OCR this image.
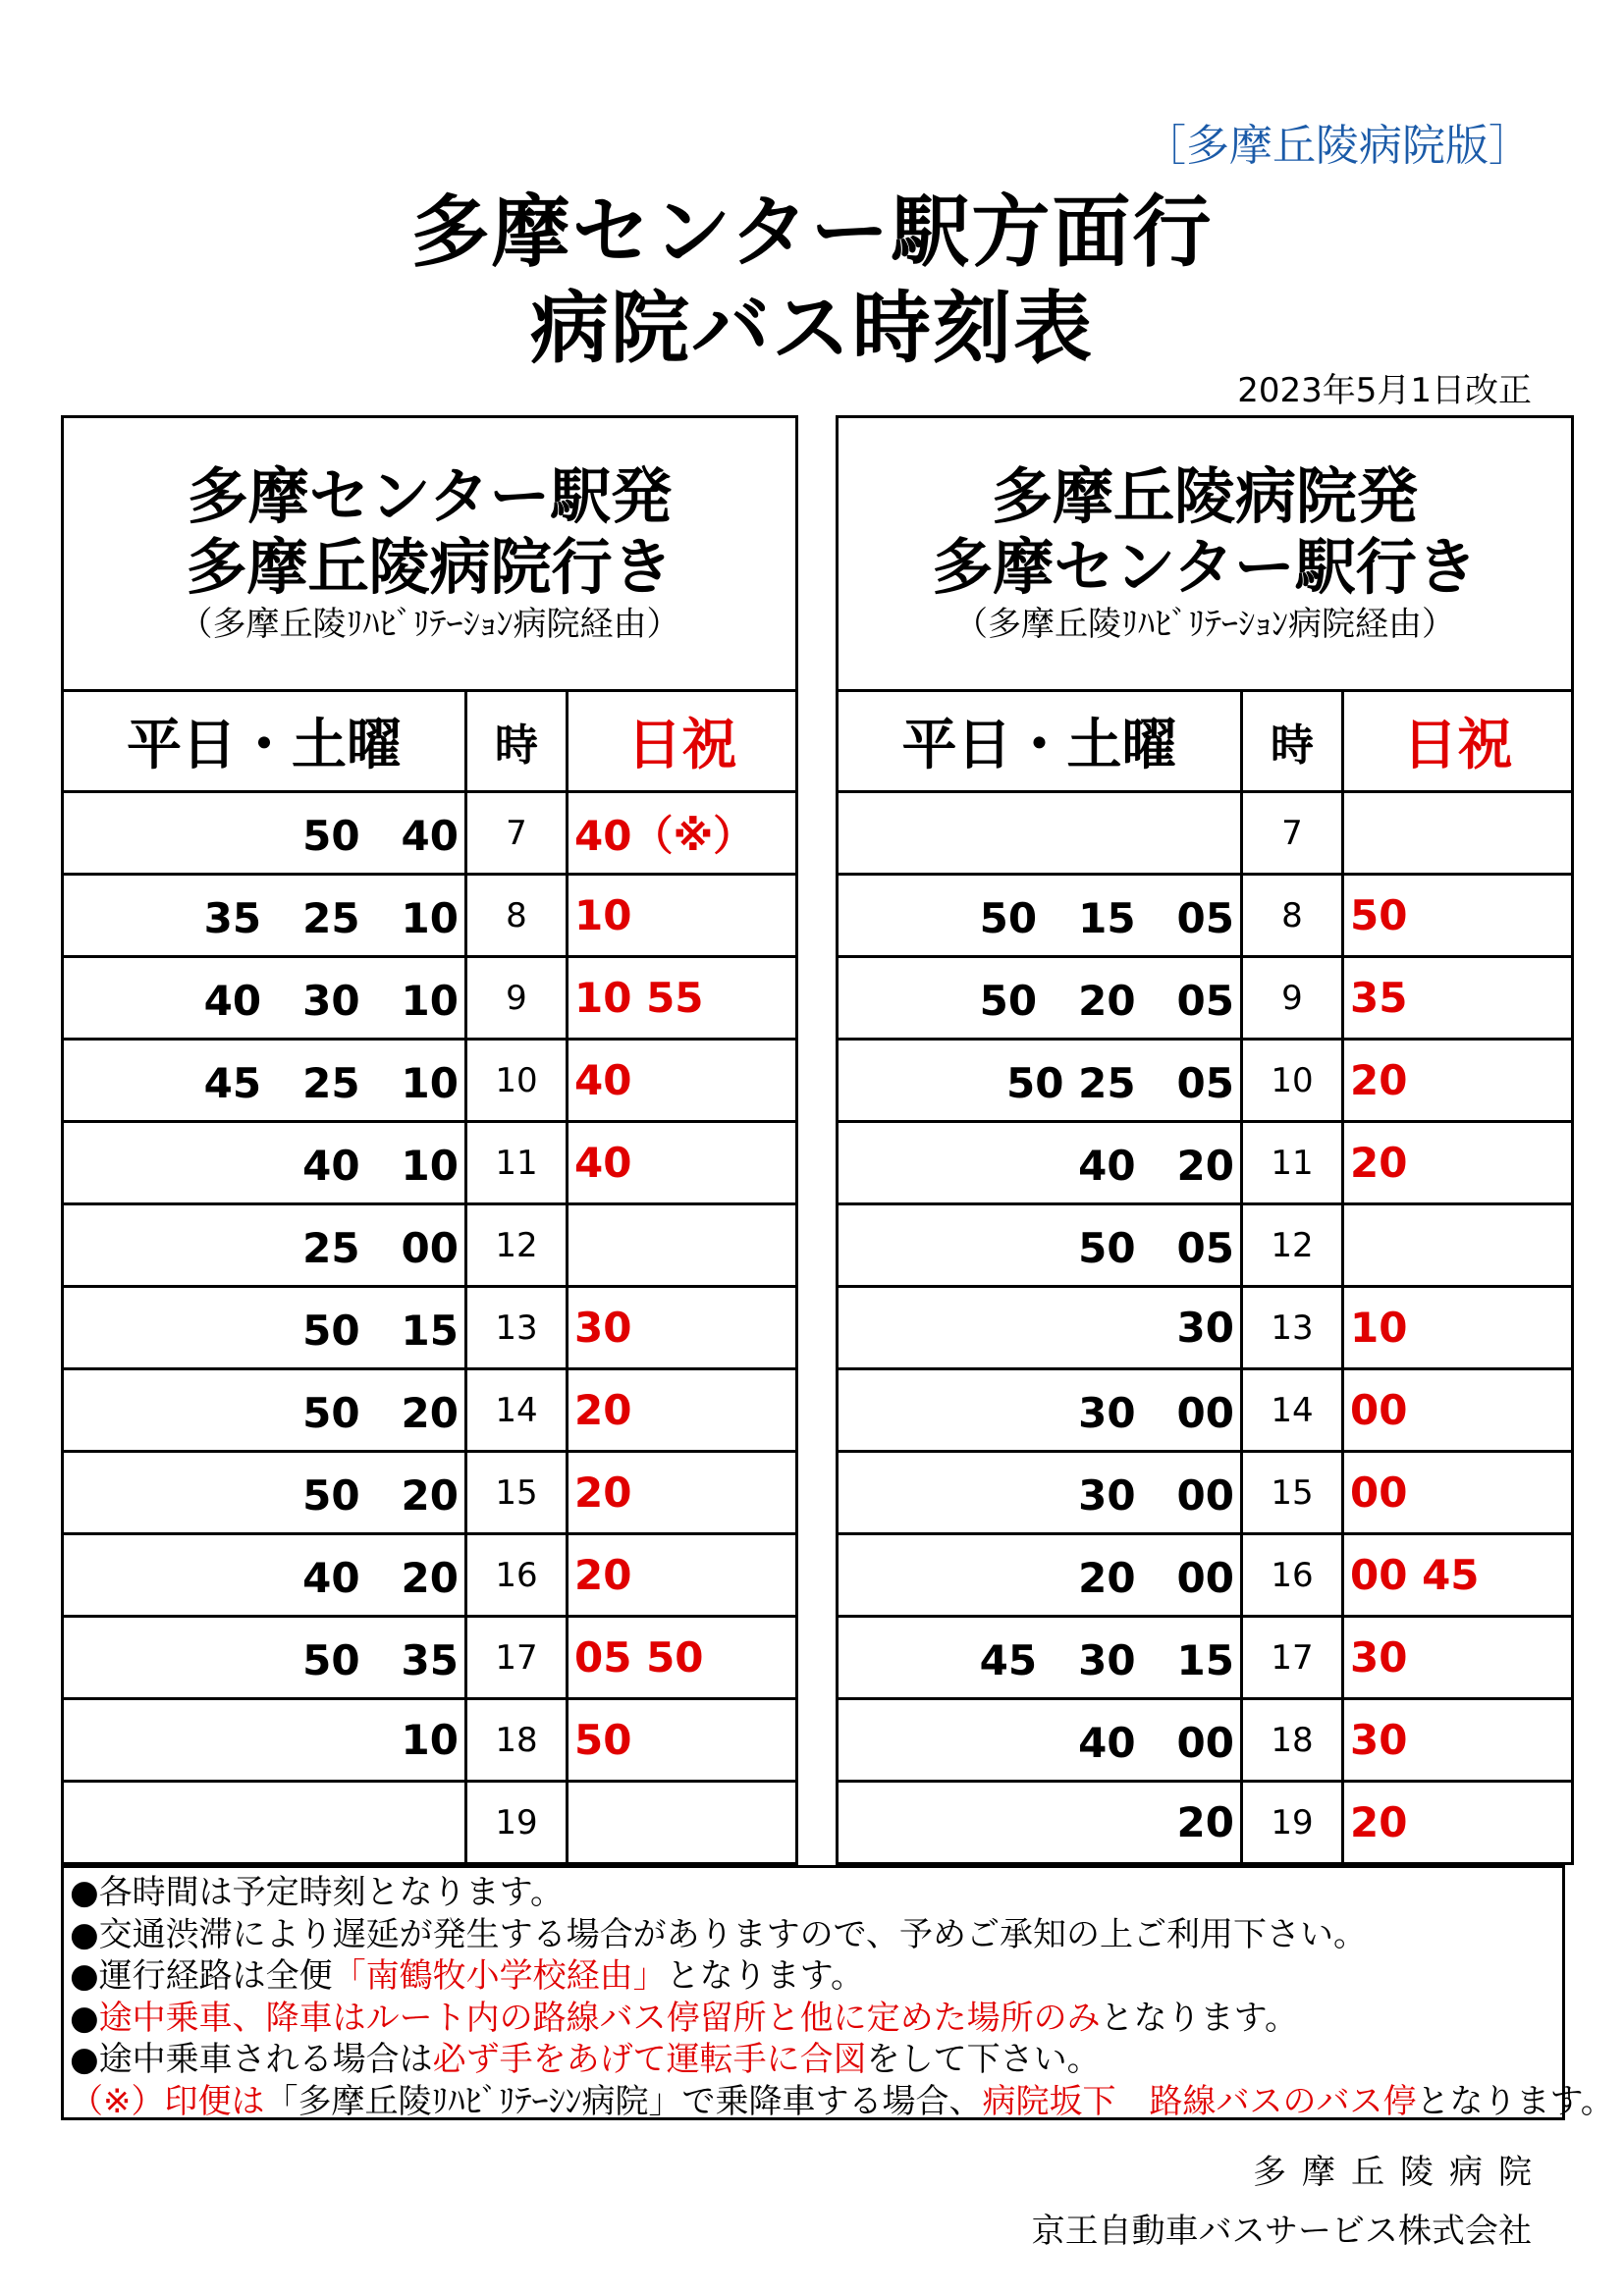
［多摩丘陵病院版］
多摩センター駅方面行
病院バス時刻表
2023年5月1日改正
多摩センター駅発
多摩丘陵病院行き
（多摩丘陵ﾘﾊﾋﾞﾘﾃｰｼｮﾝ病院経由）		

平日・土曜	時	日祝
50　40	7	40（※）
35　25　10	8	10
40　30　10	9	10 55
45　25　10	10	40
40　10	11	40
25　00	12	
50　15	13	30
50　20	14	20
50　20	15	20
40　20	16	20
50　35	17	05 50
10	18	50
	19	
多摩丘陵病院発
多摩センター駅行き
（多摩丘陵ﾘﾊﾋﾞﾘﾃｰｼｮﾝ病院経由）		

平日・土曜	時	日祝
	7	
50　15　05	8	50
50　20　05	9	35
50 25　05	10	20
40　20	11	20
50　05	12	
30	13	10
30　00	14	00
30　00	15	00
20　00	16	00 45
45　30　15	17	30
40　00	18	30
20	19	20
●各時間は予定時刻となります。
●交通渋滞により遅延が発生する場合がありますので、予めご承知の上ご利用下さい。
●運行経路は全便「南鶴牧小学校経由」となります。
●途中乗車、降車はルート内の路線バス停留所と他に定めた場所のみとなります。
●途中乗車される場合は必ず手をあげて運転手に合図をして下さい。
（※）印便は「多摩丘陵ﾘﾊﾋﾞﾘﾃｰｼﾝ病院」で乗降車する場合、病院坂下　路線バスのバス停となります。
多摩丘陵病院
京王自動車バスサービス株式会社
